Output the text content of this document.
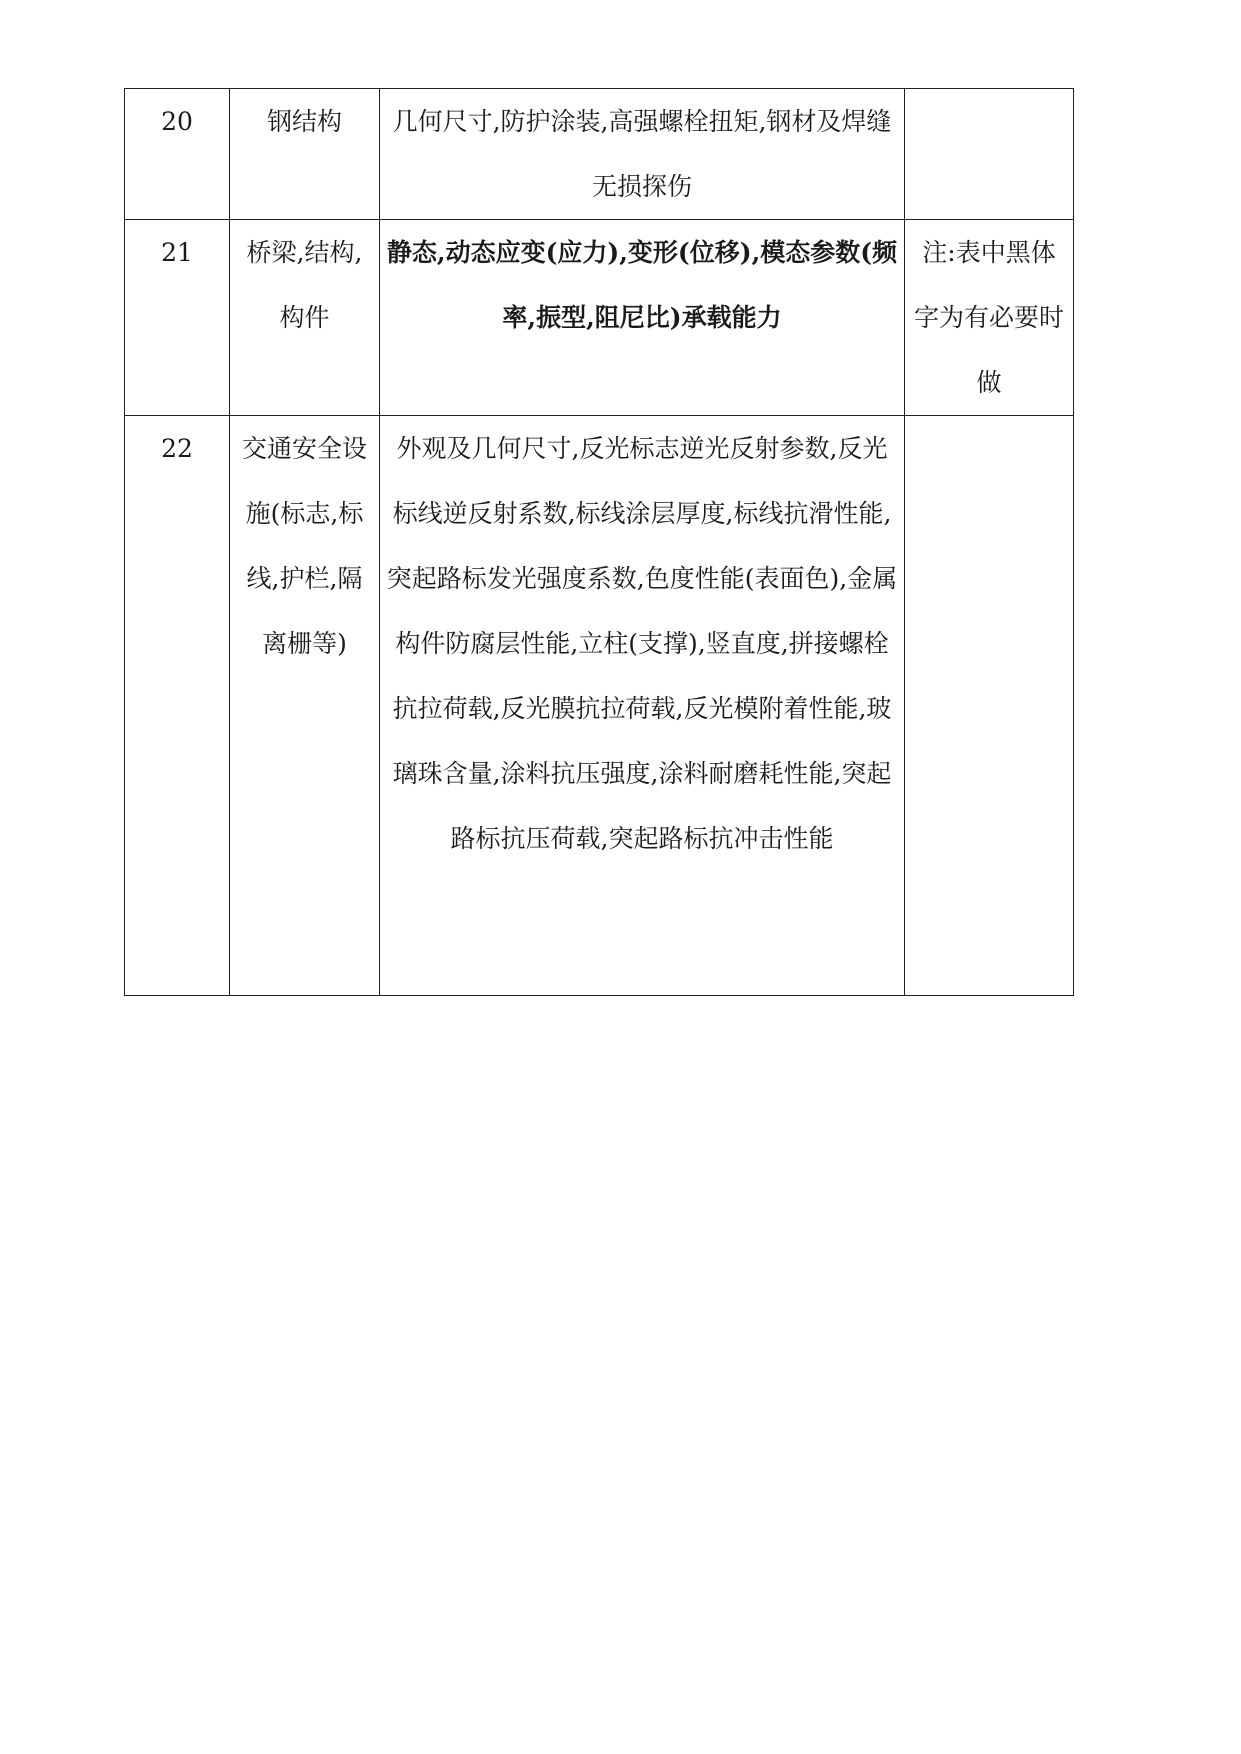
20	钢结构	几何尺寸,防护涂装,高强螺栓扭矩,钢材及焊缝无损探伤	
21	桥梁,结构,构件	静态,动态应变(应力),变形(位移),模态参数(频率,振型,阻尼比)承载能力	注:表中黑体字为有必要时做
22	交通安全设施(标志,标线,护栏,隔离栅等)	外观及几何尺寸,反光标志逆光反射参数,反光标线逆反射系数,标线涂层厚度,标线抗滑性能,突起路标发光强度系数,色度性能(表面色),金属构件防腐层性能,立柱(支撑),竖直度,拼接螺栓抗拉荷载,反光膜抗拉荷载,反光模附着性能,玻璃珠含量,涂料抗压强度,涂料耐磨耗性能,突起路标抗压荷载,突起路标抗冲击性能	
